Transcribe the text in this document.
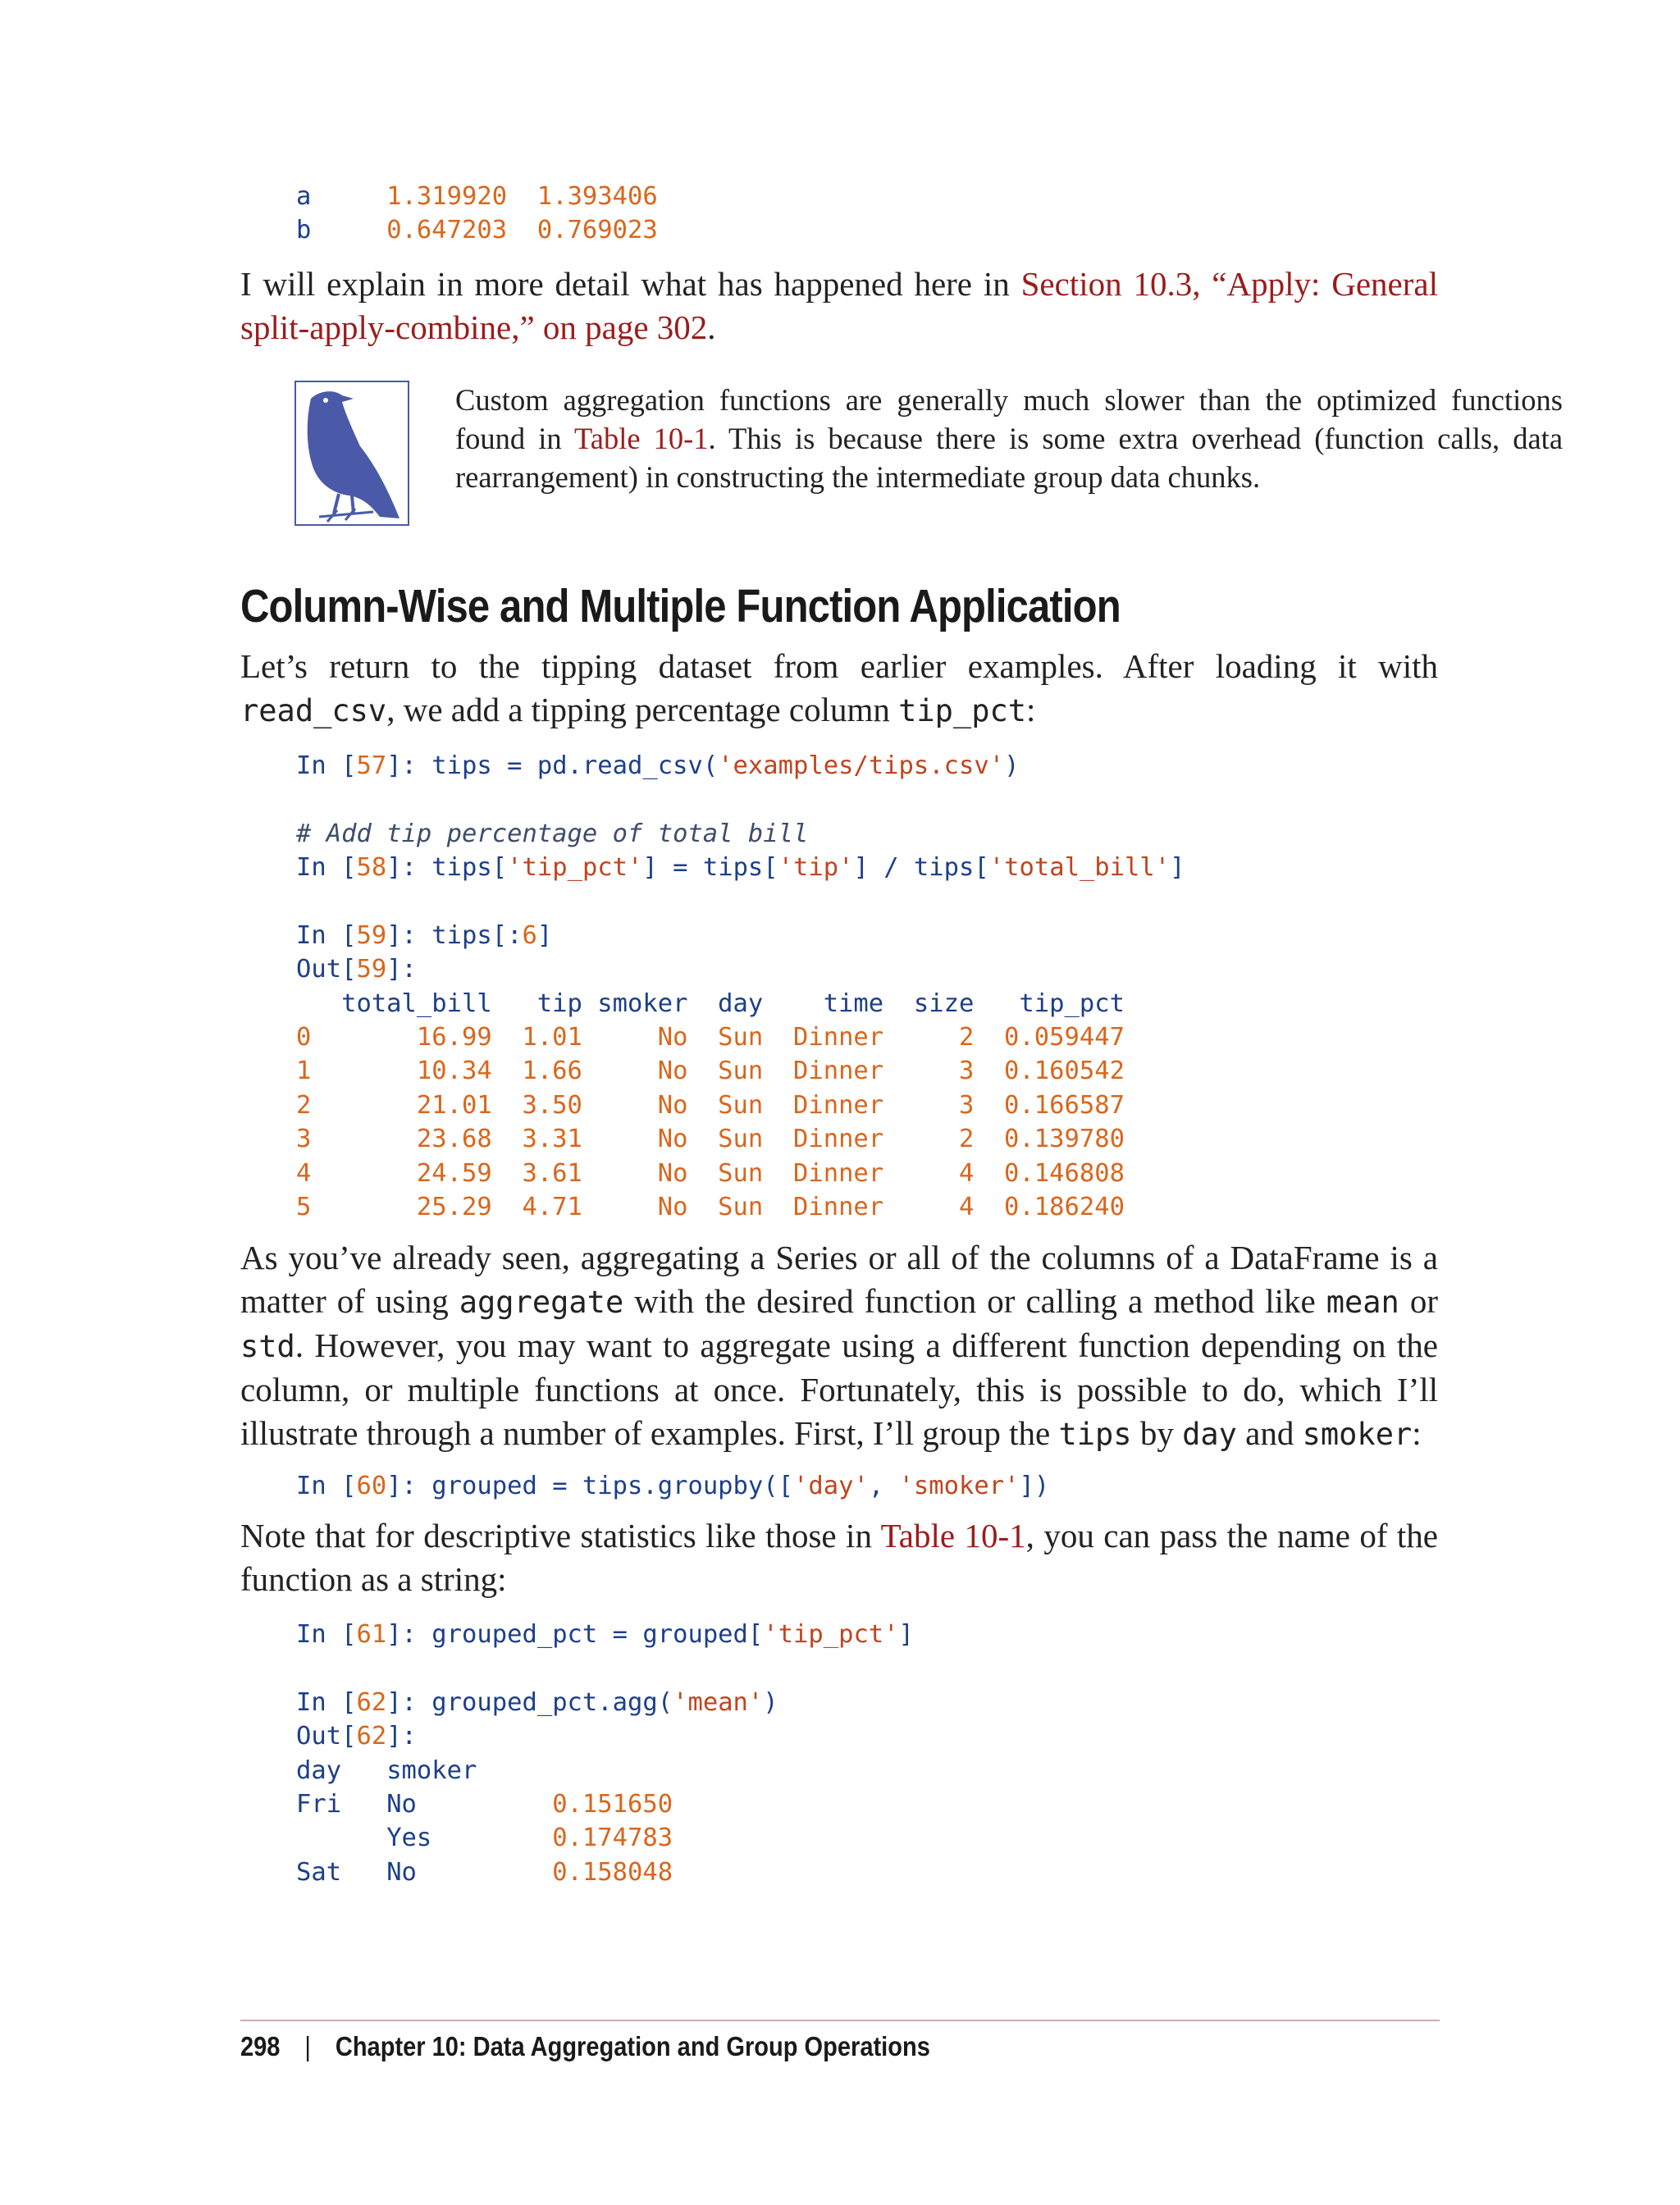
a	1.319920 1.393406
b	0.647203 0.769023

I will explain in more detail what has happened here in Section 10.3, “Apply: General split-apply-combine,” on page 302.

Custom aggregation functions are generally much slower than the optimized functions found in Table 10-1. This is because there is some extra overhead (function calls, data rearrangement) in constructing the intermediate group data chunks.
Column-Wise and Multiple Function Application

Let’s return to the tipping dataset from earlier examples. After loading it with read_csv, we add a tipping percentage column tip_pct:

In [57]: tips = pd.read_csv('examples/tips.csv')

# Add tip percentage of total bill
In [58]: tips['tip_pct'] = tips['tip'] / tips['total_bill']

In [59]: tips[:6]
Out[59]:
total_bill   tip smoker  day    time  size   tip_pct
0       16.99  1.01     No  Sun  Dinner     2  0.059447
1       10.34  1.66     No  Sun  Dinner     3  0.160542
2       21.01  3.50     No  Sun  Dinner     3  0.166587
3       23.68  3.31     No  Sun  Dinner     2  0.139780
4       24.59  3.61     No  Sun  Dinner     4  0.146808
5       25.29  4.71     No  Sun  Dinner     4  0.186240

As you’ve already seen, aggregating a Series or all of the columns of a DataFrame is a matter of using aggregate with the desired function or calling a method like mean or std. However, you may want to aggregate using a different function depending on the column, or multiple functions at once. Fortunately, this is possible to do, which I’ll illustrate through a number of examples. First, I’ll group the tips by day and smoker:

In [60]: grouped = tips.groupby(['day', 'smoker'])

Note that for descriptive statistics like those in Table 10-1, you can pass the name of the function as a string:

In [61]: grouped_pct = grouped['tip_pct']

In [62]: grouped_pct.agg('mean')
Out[62]:
day smoker
Fri No	0.151650
Yes	0.174783
Sat No	0.158048
298 | Chapter 10: Data Aggregation and Group Operations
